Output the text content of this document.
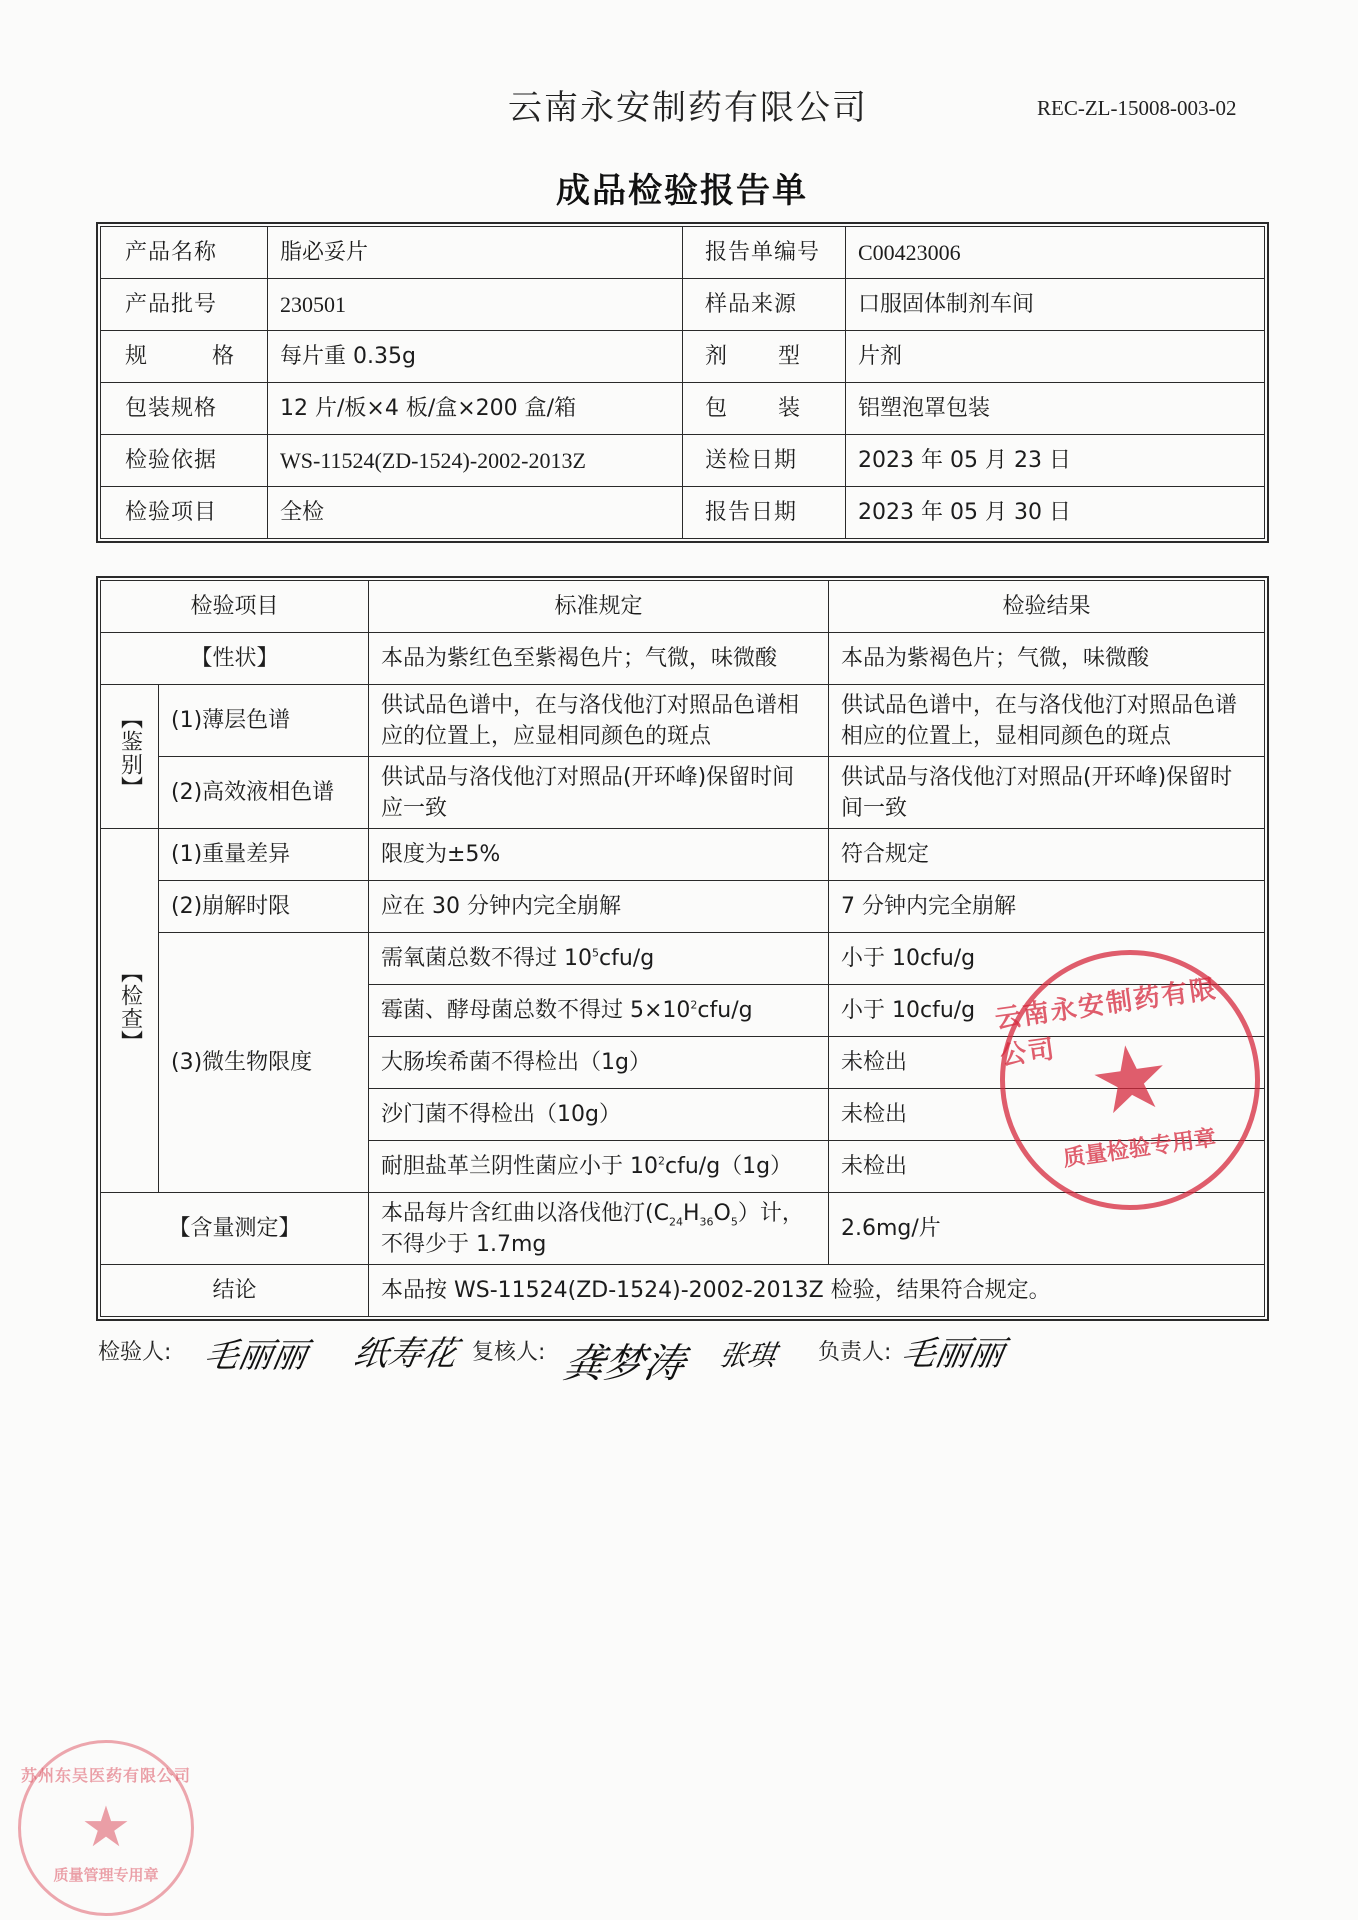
云南永安制药有限公司	REC-ZL-15008-003-02
成品检验报告单
产品名称	脂必妥片	报告单编号	C00423006
产品批号	230501	样品来源	口服固体制剂车间

规 格	每片重 0.35g	剂 型	片剂
包装规格	12 片/板×4 板/盒×200 盒/箱	包 装	铝塑泡罩包装
检验依据	WS-11524(ZD-1524)-2002-2013Z	送检日期	2023 年 05 月 23 日
检验项目	全检	报告日期	2023 年 05 月 30 日
检验项目		标准规定	检验结果
【性状】		本品为紫红色至紫褐色片；气微，味微酸	本品为紫褐色片；气微，味微酸
【鉴别】	(1)薄层色谱	供试品色谱中，在与洛伐他汀对照品色谱相应的位置上，应显相同颜色的斑点	供试品色谱中，在与洛伐他汀对照品色谱相应的位置上，显相同颜色的斑点
	(2)高效液相色谱	供试品与洛伐他汀对照品(开环峰)保留时间应一致	供试品与洛伐他汀对照品(开环峰)保留时间一致
【检查】	(1)重量差异	限度为±5%	符合规定
	(2)崩解时限	应在 30 分钟内完全崩解	7 分钟内完全崩解
	(3)微生物限度	需氧菌总数不得过 $10^5cfu/g$	小于 10cfu/g
		霉菌、酵母菌总数不得过 $5\times 10^2cfu/g$	小于 10cfu/g
		大肠埃希菌不得检出（1g）	未检出
		沙门菌不得检出（10g）	未检出
		耐胆盐革兰阴性菌应小于 $10^2cfu/g(1g)$	未检出
【含量测定】		本品每片含红曲以洛伐他汀$(C_{24}H_{36}O_5)$计，
不得少于 1.7mg	2.6mg/片
结论		本品按 WS-11524(ZD-1524)-2002-2013Z 检验，结果符合规定。	
检验人: 毛丽丽 纸寿花 复核人: 龚梦涛 张琪 负责人: 毛丽丽
云南永安制药有限公司 ★
质量检验专用章
苏州东吴医药有限公司
★
质量管理专用章
